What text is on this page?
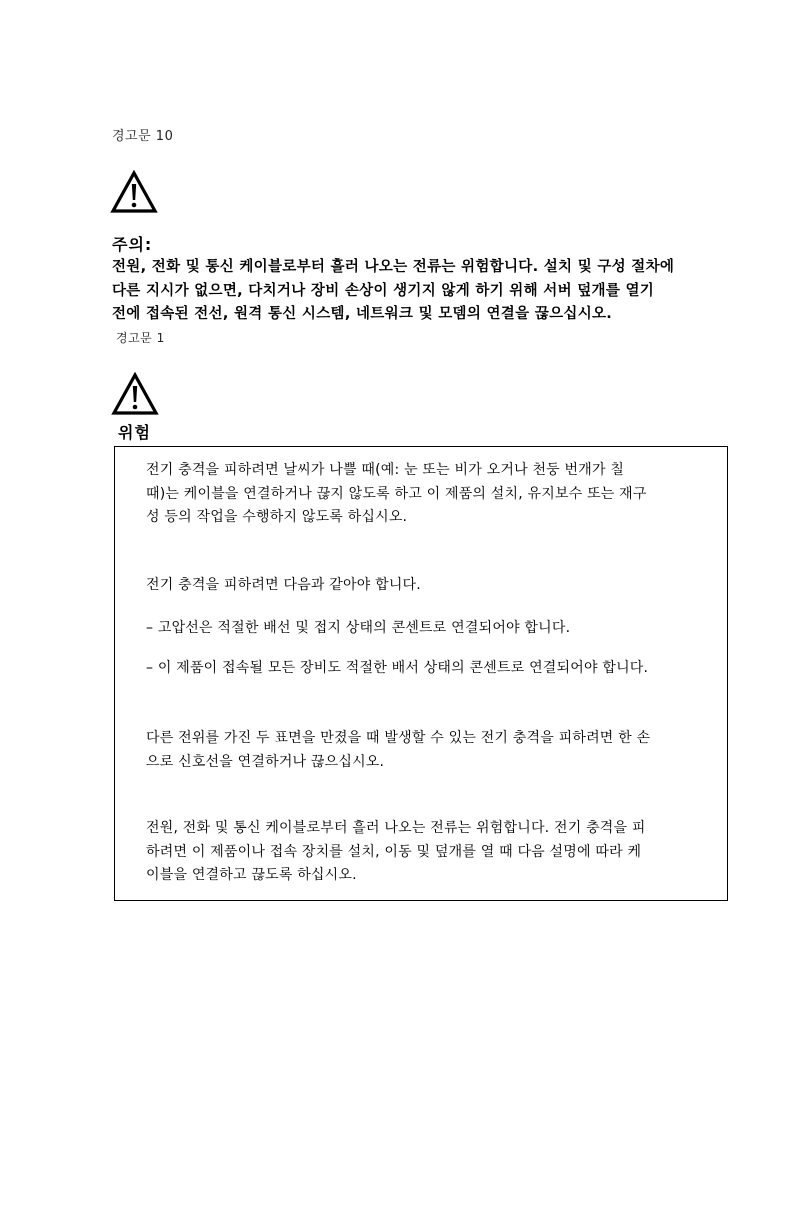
경고문 10
주의:
전원, 전화 및 통신 케이블로부터 흘러 나오는 전류는 위험합니다. 설치 및 구성 절차에
다른 지시가 없으면, 다치거나 장비 손상이 생기지 않게 하기 위해 서버 덮개를 열기
전에 접속된 전선, 원격 통신 시스템, 네트워크 및 모뎀의 연결을 끊으십시오.
경고문 1
위험
전기 충격을 피하려면 날씨가 나쁠 때(예: 눈 또는 비가 오거나 천둥 번개가 칠
때)는 케이블을 연결하거나 끊지 않도록 하고 이 제품의 설치, 유지보수 또는 재구
성 등의 작업을 수행하지 않도록 하십시오.
전기 충격을 피하려면 다음과 같아야 합니다.
– 고압선은 적절한 배선 및 접지 상태의 콘센트로 연결되어야 합니다.
– 이 제품이 접속될 모든 장비도 적절한 배서 상태의 콘센트로 연결되어야 합니다.
다른 전위를 가진 두 표면을 만졌을 때 발생할 수 있는 전기 충격을 피하려면 한 손
으로 신호선을 연결하거나 끊으십시오.
전원, 전화 및 통신 케이블로부터 흘러 나오는 전류는 위험합니다. 전기 충격을 피
하려면 이 제품이나 접속 장치를 설치, 이동 및 덮개를 열 때 다음 설명에 따라 케
이블을 연결하고 끊도록 하십시오.
